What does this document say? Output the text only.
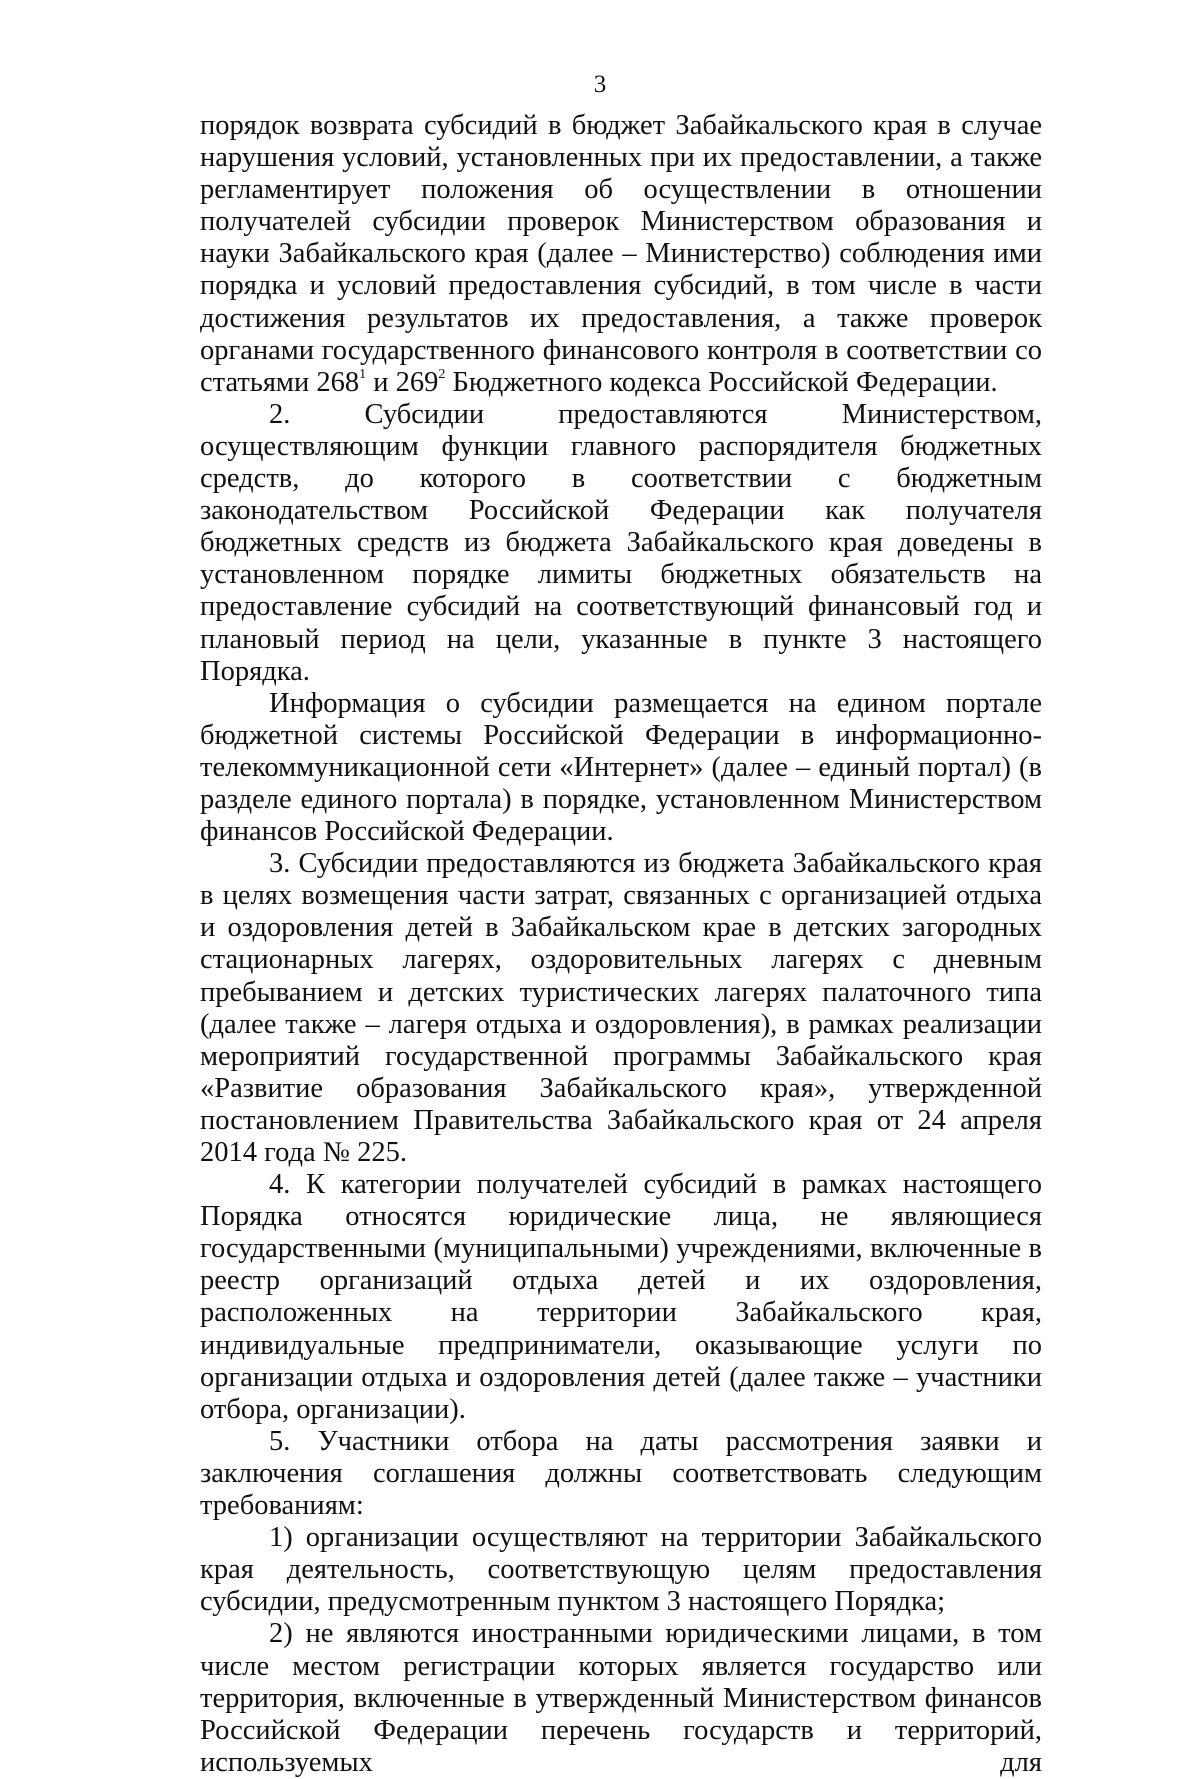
3

порядок возврата субсидий в бюджет Забайкальского края в случае нарушения условий, установленных при их предоставлении, а также регламентирует положения об осуществлении в отношении получателей субсидии проверок Министерством образования и науки Забайкальского края (далее – Министерство) соблюдения ими порядка и условий предоставления субсидий, в том числе в части достижения результатов их предоставления, а также проверок органами государственного финансового контроля в соответствии со статьями $268^1$ и $269^2$ Бюджетного кодекса Российской Федерации.

2. Субсидии предоставляются Министерством, осуществляющим функции главного распорядителя бюджетных средств, до которого в соответствии с бюджетным законодательством Российской Федерации как получателя бюджетных средств из бюджета Забайкальского края доведены в установленном порядке лимиты бюджетных обязательств на предоставление субсидий на соответствующий финансовый год и плановый период на цели, указанные в пункте 3 настоящего Порядка.

Информация о субсидии размещается на едином портале бюджетной системы Российской Федерации в информационно-телекоммуникационной сети «Интернет» (далее – единый портал) (в разделе единого портала) в порядке, установленном Министерством финансов Российской Федерации.

3. Субсидии предоставляются из бюджета Забайкальского края в целях возмещения части затрат, связанных с организацией отдыха и оздоровления детей в Забайкальском крае в детских загородных стационарных лагерях, оздоровительных лагерях с дневным пребыванием и детских туристических лагерях палаточного типа (далее также – лагеря отдыха и оздоровления), в рамках реализации мероприятий государственной программы Забайкальского края «Развитие образования Забайкальского края», утвержденной постановлением Правительства Забайкальского края от 24 апреля 2014 года № 225.

4. К категории получателей субсидий в рамках настоящего Порядка относятся юридические лица, не являющиеся государственными (муниципальными) учреждениями, включенные в реестр организаций отдыха детей и их оздоровления, расположенных на территории Забайкальского края, индивидуальные предприниматели, оказывающие услуги по организации отдыха и оздоровления детей (далее также – участники отбора, организации).

5. Участники отбора на даты рассмотрения заявки и заключения соглашения должны соответствовать следующим требованиям:

1) организации осуществляют на территории Забайкальского края деятельность, соответствующую целям предоставления субсидии, предусмотренным пунктом 3 настоящего Порядка;

2) не являются иностранными юридическими лицами, в том числе местом регистрации которых является государство или территория, включенные в утвержденный Министерством финансов Российской Федерации перечень государств и территорий, используемых для
